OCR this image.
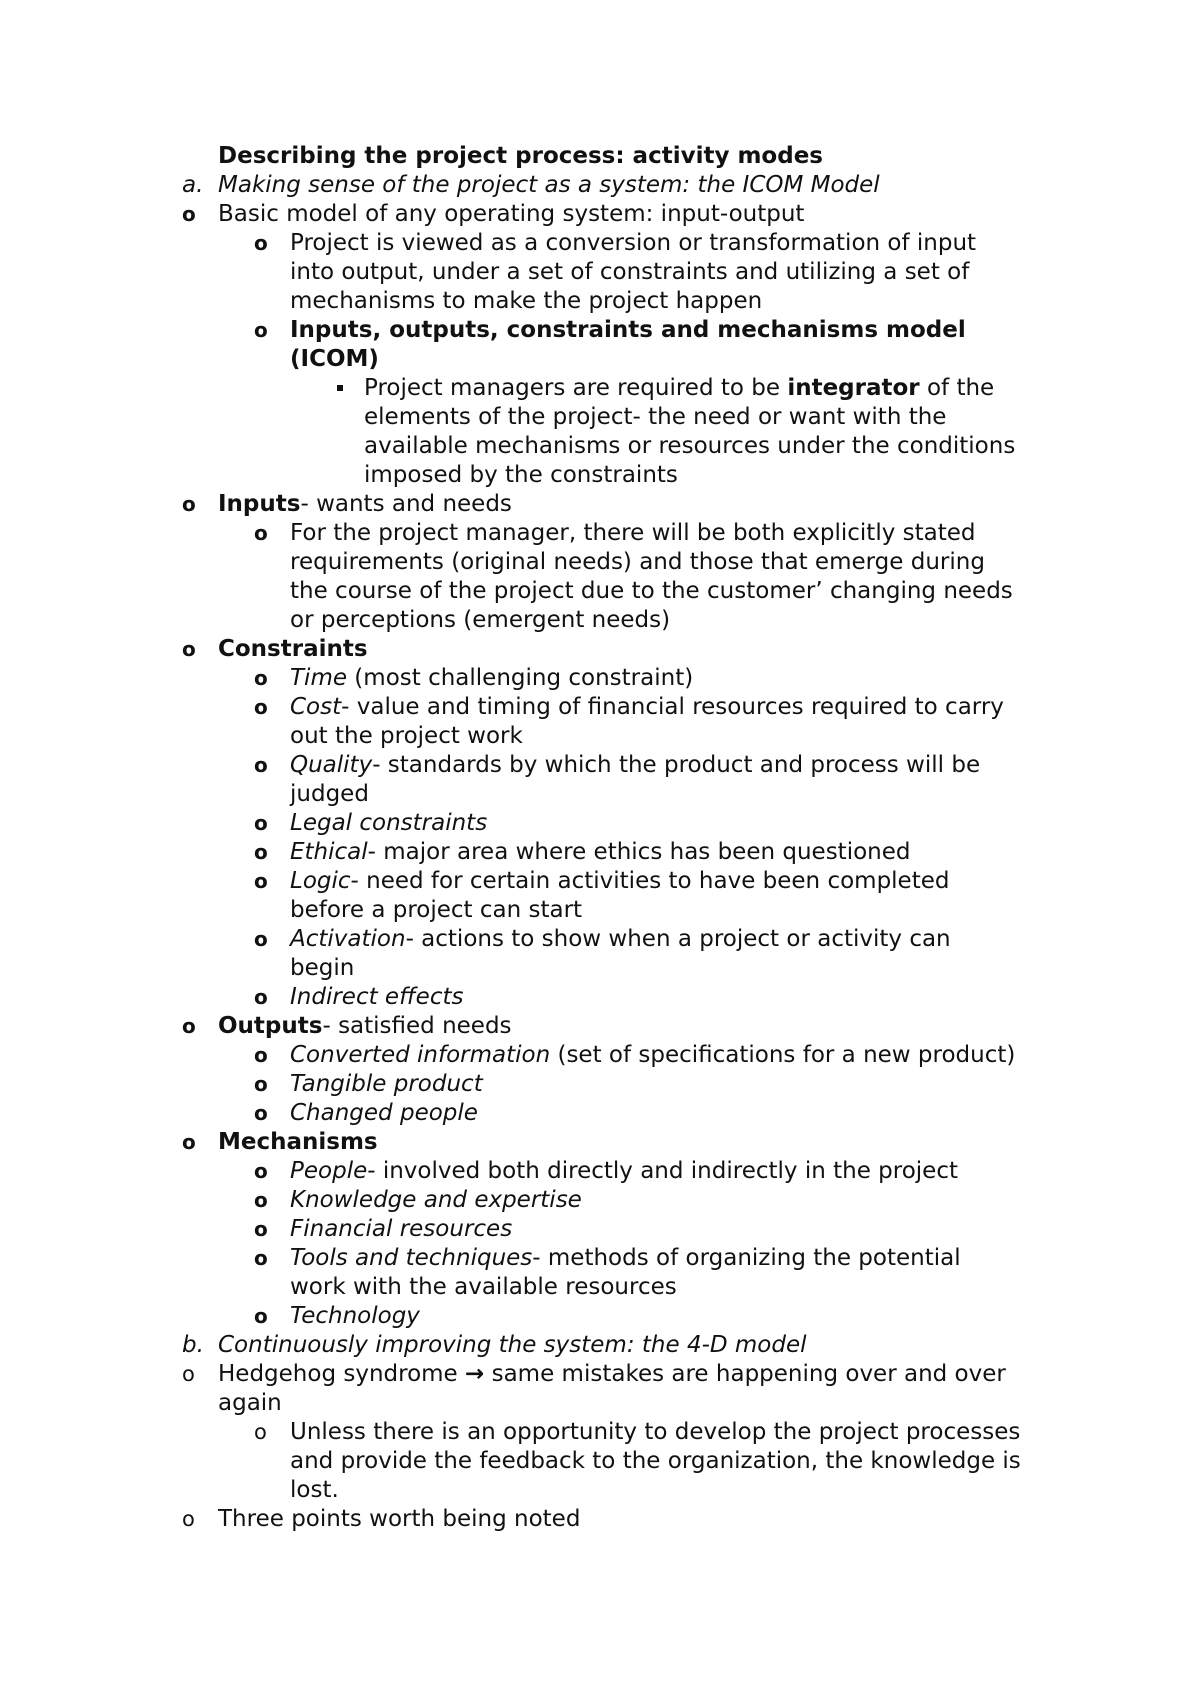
Describing the project process: activity modes
a. Making sense of the project as a system: the ICOM Model
o Basic model of any operating system: input-output
o Project is viewed as a conversion or transformation of input
into output, under a set of constraints and utilizing a set of
mechanisms to make the project happen
o Inputs, outputs, constraints and mechanisms model
(ICOM)
Project managers are required to be integrator of the
elements of the project- the need or want with the
available mechanisms or resources under the conditions
imposed by the constraints
o Inputs- wants and needs
o For the project manager, there will be both explicitly stated
requirements (original needs) and those that emerge during
the course of the project due to the customer’ changing needs
or perceptions (emergent needs)
o Constraints
o Time (most challenging constraint)
o Cost- value and timing of financial resources required to carry
out the project work
o Quality- standards by which the product and process will be
judged
o Legal constraints
o Ethical- major area where ethics has been questioned
o Logic- need for certain activities to have been completed
before a project can start
o Activation- actions to show when a project or activity can
begin
o Indirect effects
o Outputs- satisfied needs
o Converted information (set of specifications for a new product)
o Tangible product
o Changed people
o Mechanisms
o People- involved both directly and indirectly in the project
o Knowledge and expertise
o Financial resources
o Tools and techniques- methods of organizing the potential
work with the available resources
o Technology
b. Continuously improving the system: the 4-D model
o Hedgehog syndrome → same mistakes are happening over and over
again
o Unless there is an opportunity to develop the project processes
and provide the feedback to the organization, the knowledge is
lost.
o Three points worth being noted
